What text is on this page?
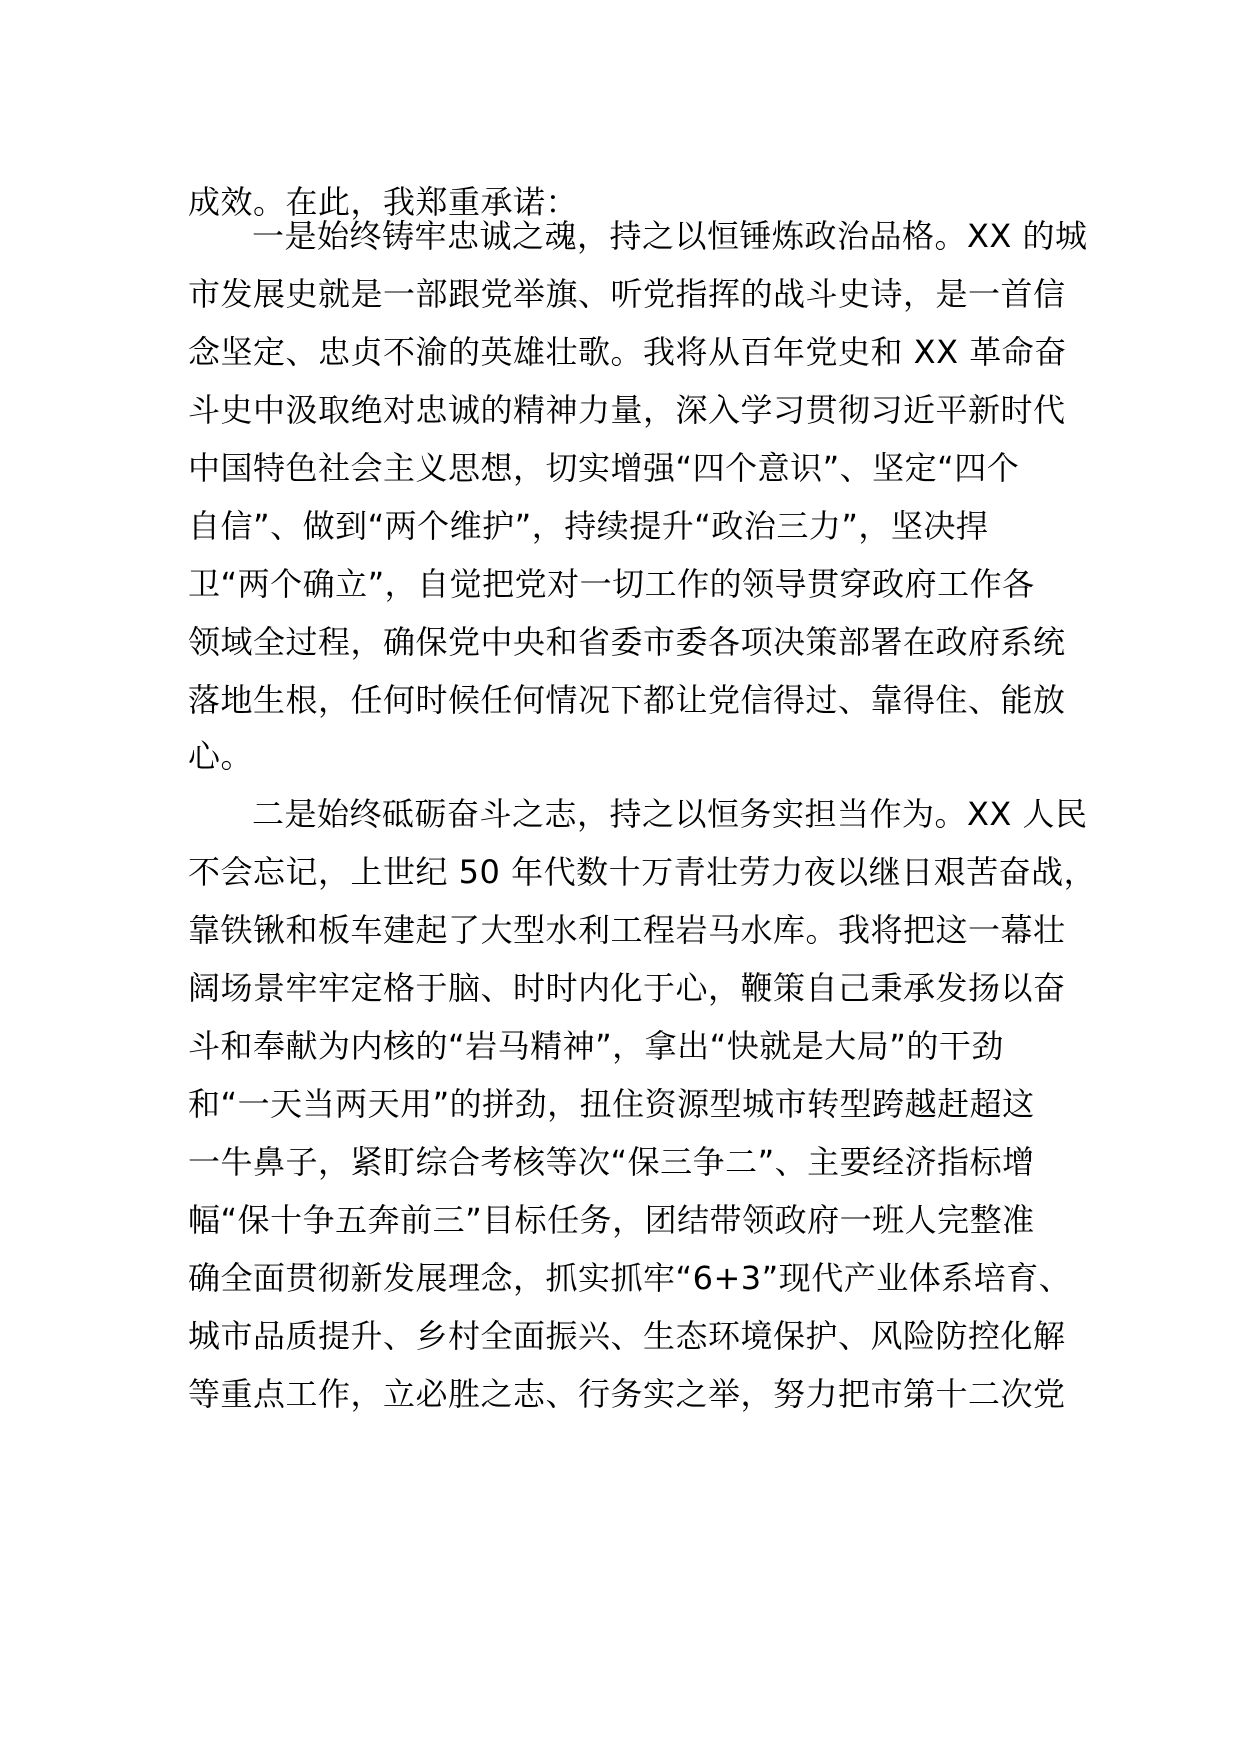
成效。在此，我郑重承诺：
一是始终铸牢忠诚之魂，持之以恒锤炼政治品格。XX 的城
市发展史就是一部跟党举旗、听党指挥的战斗史诗，是一首信
念坚定、忠贞不渝的英雄壮歌。我将从百年党史和 XX 革命奋
斗史中汲取绝对忠诚的精神力量，深入学习贯彻习近平新时代
中国特色社会主义思想，切实增强“四个意识”、坚定“四个
自信”、做到“两个维护”，持续提升“政治三力”，坚决捍
卫“两个确立”，自觉把党对一切工作的领导贯穿政府工作各
领域全过程，确保党中央和省委市委各项决策部署在政府系统
落地生根，任何时候任何情况下都让党信得过、靠得住、能放
心。
二是始终砥砺奋斗之志，持之以恒务实担当作为。XX 人民
不会忘记，上世纪 50 年代数十万青壮劳力夜以继日艰苦奋战，
靠铁锹和板车建起了大型水利工程岩马水库。我将把这一幕壮
阔场景牢牢定格于脑、时时内化于心，鞭策自己秉承发扬以奋
斗和奉献为内核的“岩马精神”，拿出“快就是大局”的干劲
和“一天当两天用”的拼劲，扭住资源型城市转型跨越赶超这
一牛鼻子，紧盯综合考核等次“保三争二”、主要经济指标增
幅“保十争五奔前三”目标任务，团结带领政府一班人完整准
确全面贯彻新发展理念，抓实抓牢“6+3”现代产业体系培育、
城市品质提升、乡村全面振兴、生态环境保护、风险防控化解
等重点工作，立必胜之志、行务实之举，努力把市第十二次党
